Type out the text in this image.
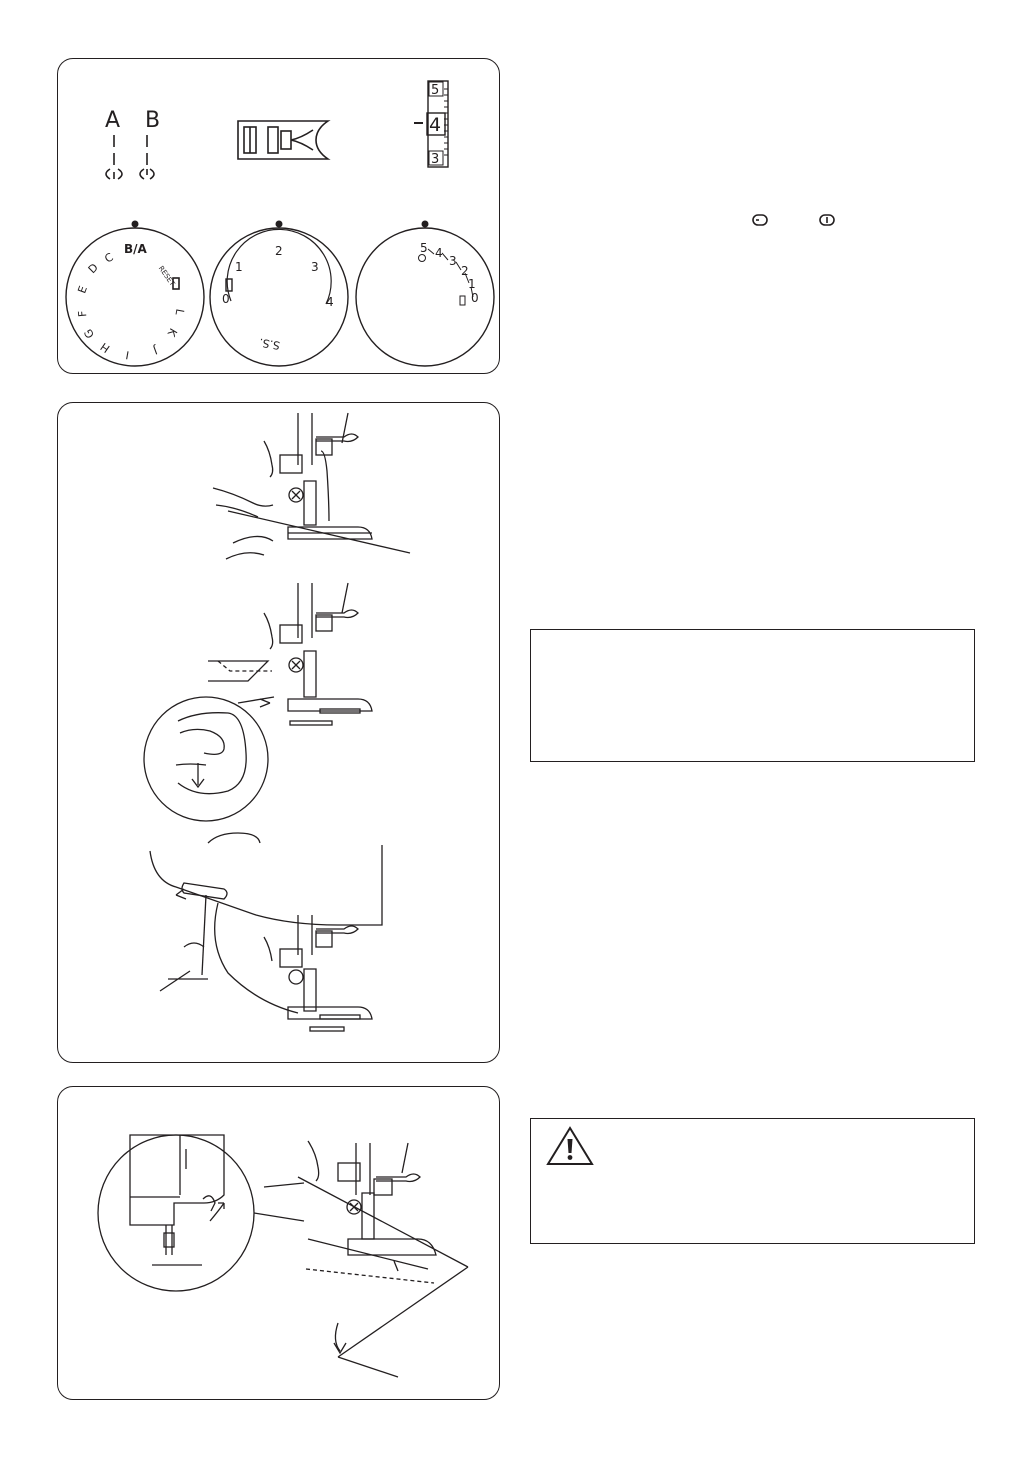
A B
5
4
3
B/A
RESET
C
D
E
F
G
H I J
K
L
2
3
4
1
0
S.S.
5 4
3
2
1
0
